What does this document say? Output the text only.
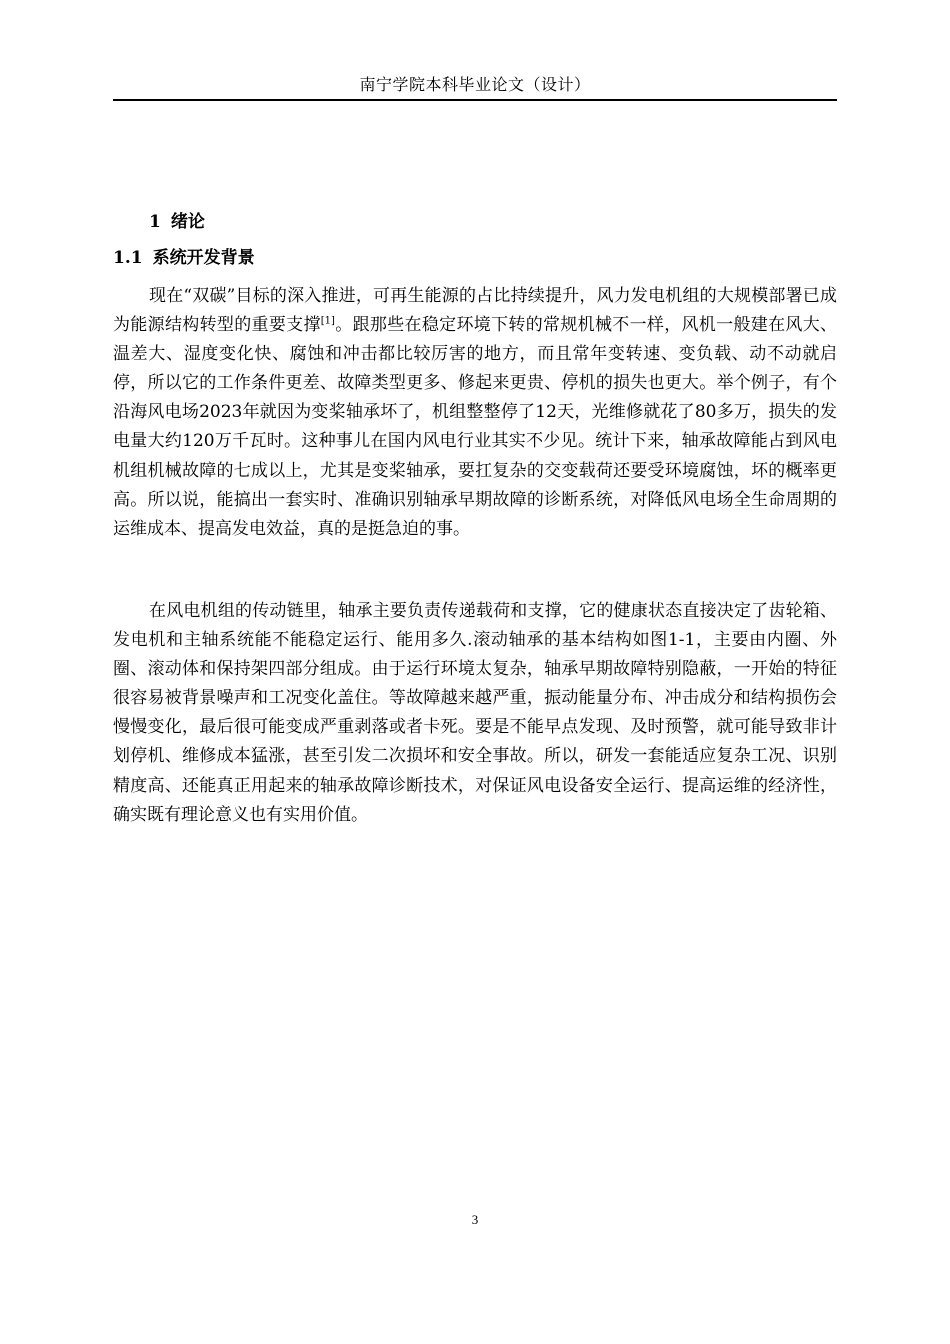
南宁学院本科毕业论文（设计）
1 绪论
1.1 系统开发背景

现在“双碳”目标的深入推进，可再生能源的占比持续提升，风力发电机组的大规模部署已成为能源结构转型的重要支撑[1]。跟那些在稳定环境下转的常规机械不一样，风机一般建在风大、温差大、湿度变化快、腐蚀和冲击都比较厉害的地方，而且常年变转速、变负载、动不动就启停，所以它的工作条件更差、故障类型更多、修起来更贵、停机的损失也更大。举个例子，有个沿海风电场2023年就因为变桨轴承坏了，机组整整停了12天，光维修就花了80多万，损失的发电量大约120万千瓦时。这种事儿在国内风电行业其实不少见。统计下来，轴承故障能占到风电机组机械故障的七成以上，尤其是变桨轴承，要扛复杂的交变载荷还要受环境腐蚀，坏的概率更高。所以说，能搞出一套实时、准确识别轴承早期故障的诊断系统，对降低风电场全生命周期的运维成本、提高发电效益，真的是挺急迫的事。

在风电机组的传动链里，轴承主要负责传递载荷和支撑，它的健康状态直接决定了齿轮箱、发电机和主轴系统能不能稳定运行、能用多久.滚动轴承的基本结构如图1-1，主要由内圈、外圈、滚动体和保持架四部分组成。由于运行环境太复杂，轴承早期故障特别隐蔽，一开始的特征很容易被背景噪声和工况变化盖住。等故障越来越严重，振动能量分布、冲击成分和结构损伤会慢慢变化，最后很可能变成严重剥落或者卡死。要是不能早点发现、及时预警，就可能导致非计划停机、维修成本猛涨，甚至引发二次损坏和安全事故。所以，研发一套能适应复杂工况、识别精度高、还能真正用起来的轴承故障诊断技术，对保证风电设备安全运行、提高运维的经济性，确实既有理论意义也有实用价值。

3
